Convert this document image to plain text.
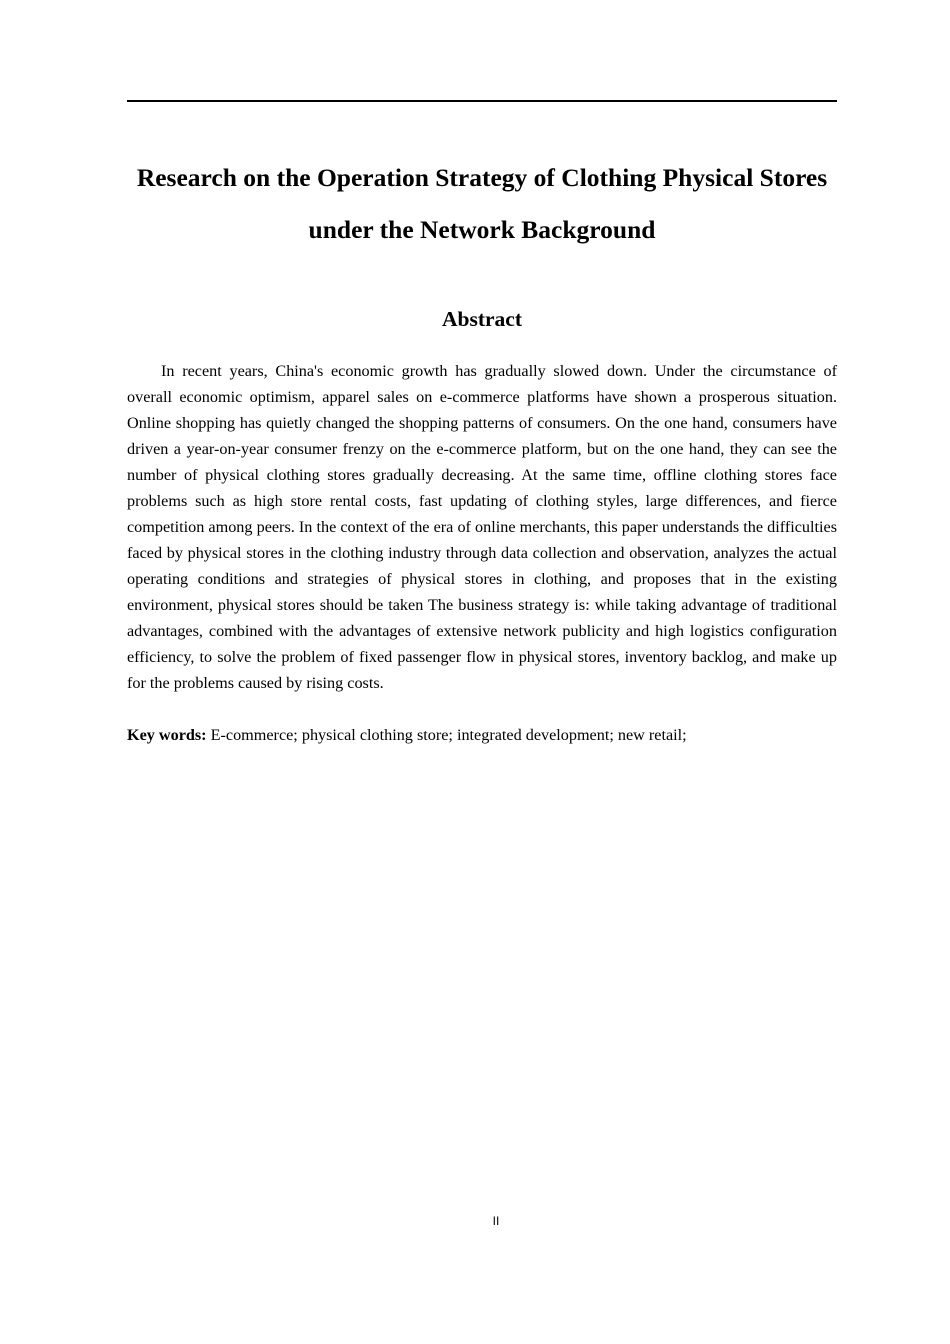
Research on the Operation Strategy of Clothing Physical Stores
under the Network Background
Abstract

In recent years, China's economic growth has gradually slowed down. Under the circumstance of overall economic optimism, apparel sales on e-commerce platforms have shown a prosperous situation. Online shopping has quietly changed the shopping patterns of consumers. On the one hand, consumers have driven a year-on-year consumer frenzy on the e-commerce platform, but on the one hand, they can see the number of physical clothing stores gradually decreasing. At the same time, offline clothing stores face problems such as high store rental costs, fast updating of clothing styles, large differences, and fierce competition among peers. In the context of the era of online merchants, this paper understands the difficulties faced by physical stores in the clothing industry through data collection and observation, analyzes the actual operating conditions and strategies of physical stores in clothing, and proposes that in the existing environment, physical stores should be taken The business strategy is: while taking advantage of traditional advantages, combined with the advantages of extensive network publicity and high logistics configuration efficiency, to solve the problem of fixed passenger flow in physical stores, inventory backlog, and make up for the problems caused by rising costs.

Key words: E-commerce; physical clothing store; integrated development; new retail;

II
